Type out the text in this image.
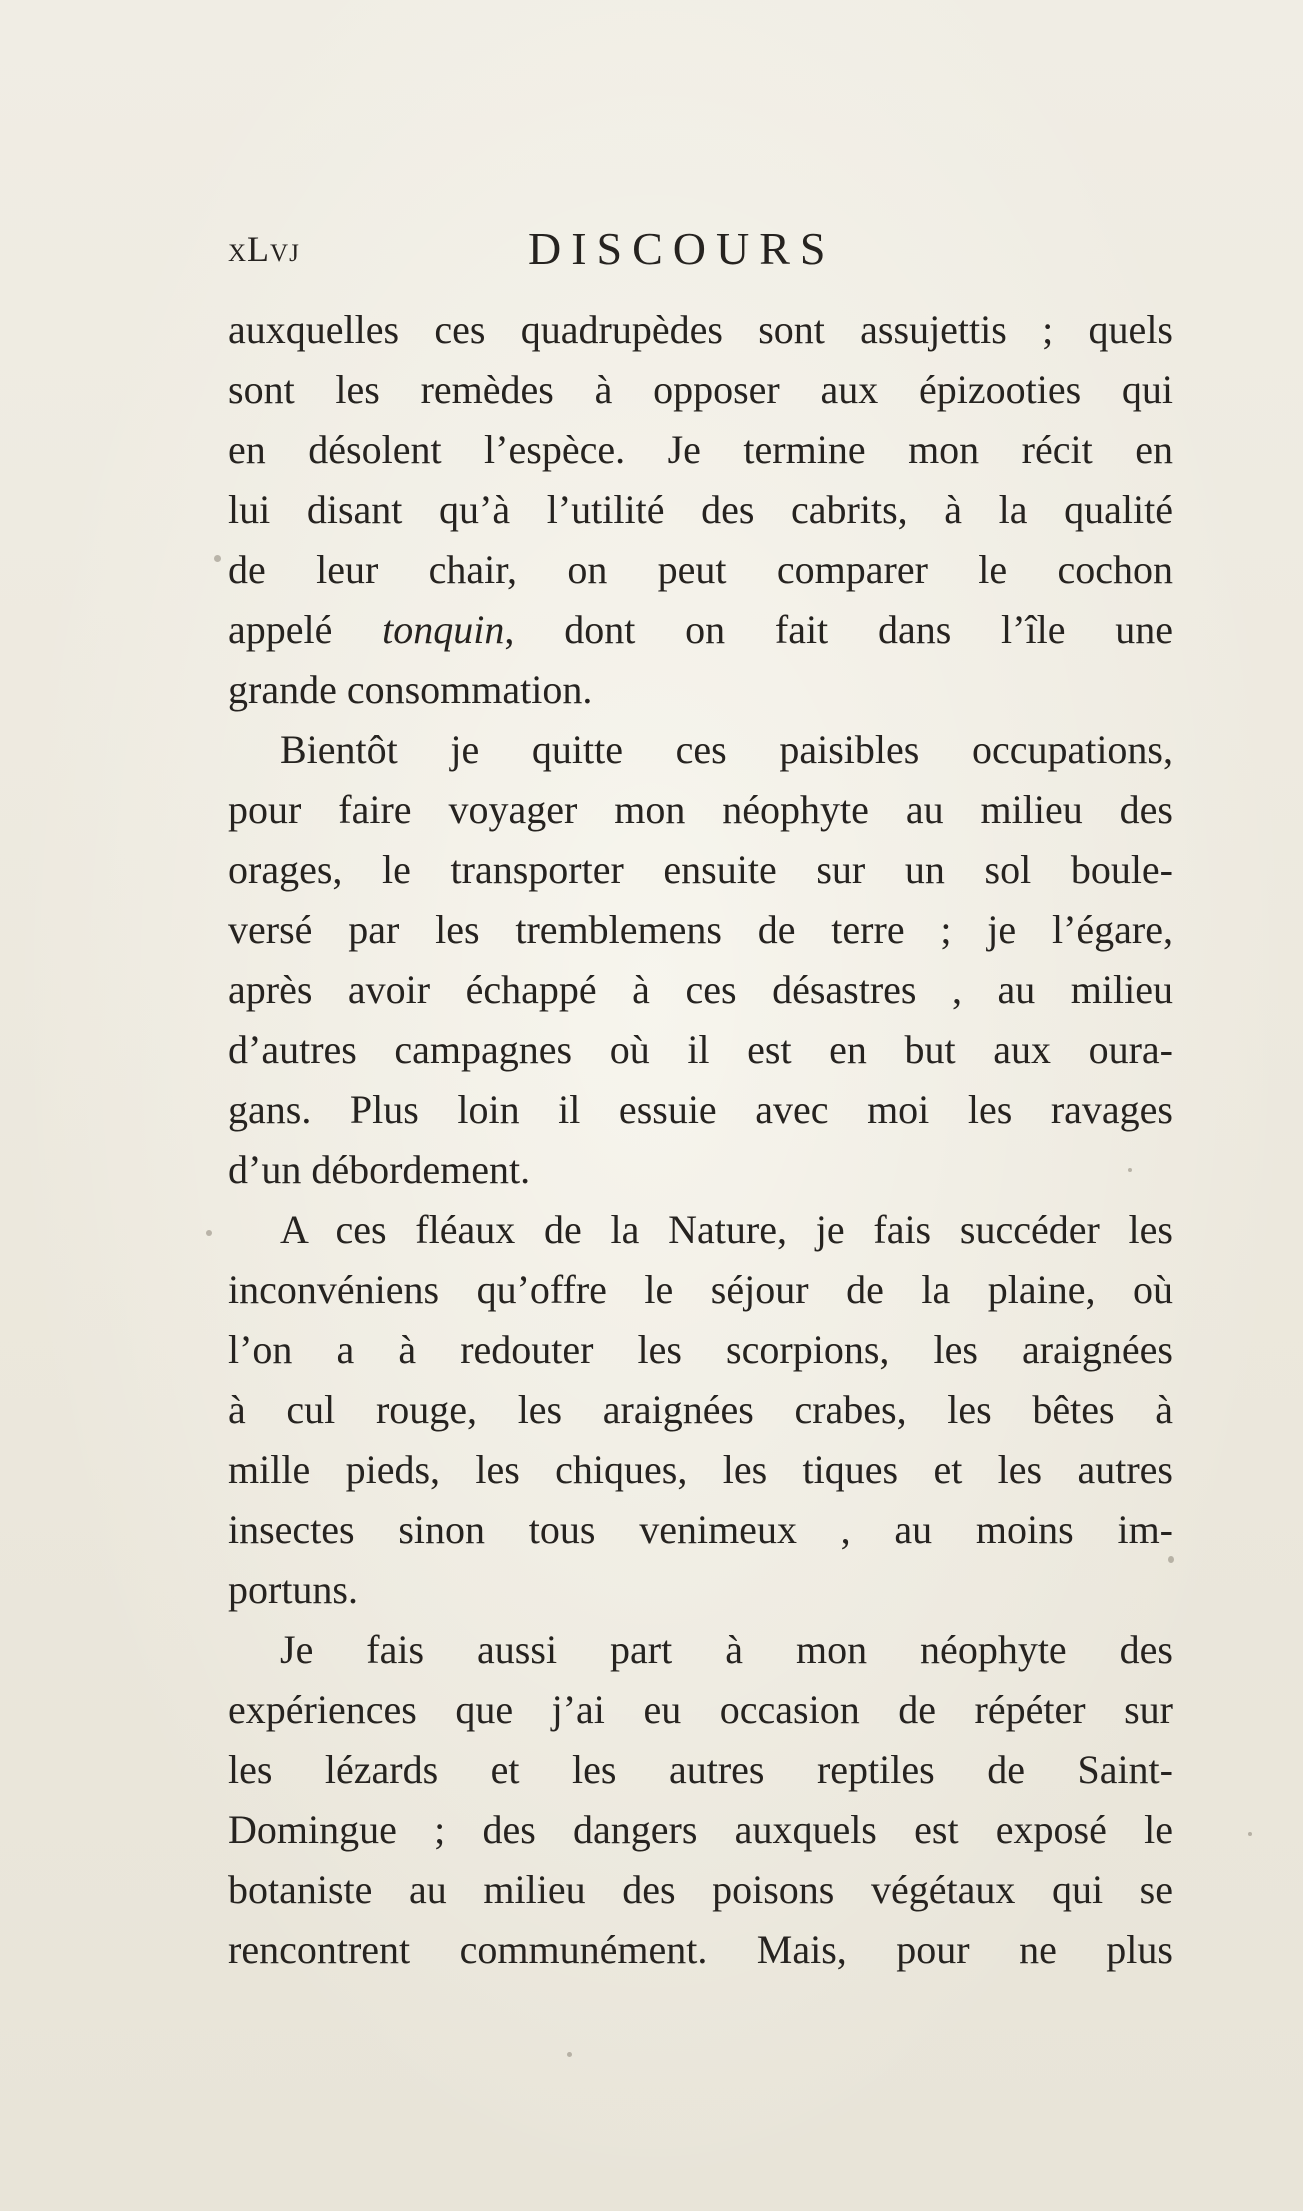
xLvj	DISCOURS
auxquelles ces quadrupèdes sont assujettis ; quels
sont les remèdes à opposer aux épizooties qui
en désolent l’espèce. Je termine mon récit en
lui disant qu’à l’utilité des cabrits, à la qualité
de leur chair, on peut comparer le cochon
appelé tonquin, dont on fait dans l’île une
grande consommation.
Bientôt je quitte ces paisibles occupations,
pour faire voyager mon néophyte au milieu des
orages, le transporter ensuite sur un sol boule-
versé par les tremblemens de terre ; je l’égare,
après avoir échappé à ces désastres , au milieu
d’autres campagnes où il est en but aux oura-
gans. Plus loin il essuie avec moi les ravages
d’un débordement.
A ces fléaux de la Nature, je fais succéder les
inconvéniens qu’offre le séjour de la plaine, où
l’on a à redouter les scorpions, les araignées
à cul rouge, les araignées crabes, les bêtes à
mille pieds, les chiques, les tiques et les autres
insectes sinon tous venimeux , au moins im-
portuns.
Je fais aussi part à mon néophyte des
expériences que j’ai eu occasion de répéter sur
les lézards et les autres reptiles de Saint-
Domingue ; des dangers auxquels est exposé le
botaniste au milieu des poisons végétaux qui se
rencontrent communément. Mais, pour ne plus
